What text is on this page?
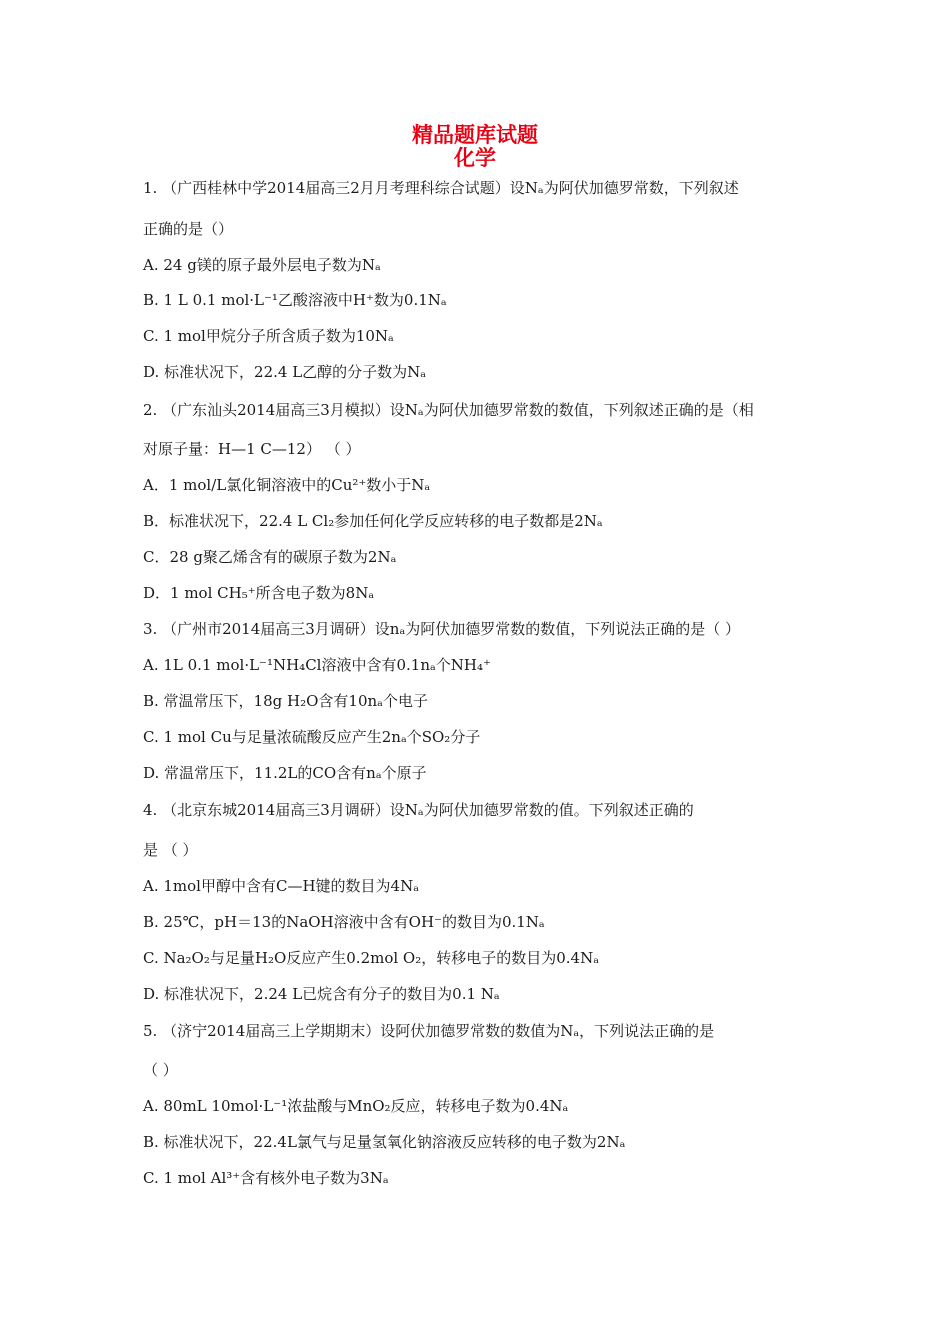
精品题库试题
化学
1. （广西桂林中学2014届高三2月月考理科综合试题）设Nₐ为阿伏加德罗常数，下列叙述
正确的是（）
A. 24 g镁的原子最外层电子数为Nₐ
B. 1 L 0.1 mol·L⁻¹乙酸溶液中H⁺数为0.1Nₐ
C. 1 mol甲烷分子所含质子数为10Nₐ
D. 标准状况下，22.4 L乙醇的分子数为Nₐ
2. （广东汕头2014届高三3月模拟）设Nₐ为阿伏加德罗常数的数值，下列叙述正确的是（相
对原子量：H—1 C—12） （ ）
A．1 mol/L氯化铜溶液中的Cu²⁺数小于Nₐ
B．标准状况下，22.4 L Cl₂参加任何化学反应转移的电子数都是2Nₐ
C．28 g聚乙烯含有的碳原子数为2Nₐ
D．1 mol CH₅⁺所含电子数为8Nₐ
3. （广州市2014届高三3月调研）设nₐ为阿伏加德罗常数的数值，下列说法正确的是（ ）
A. 1L 0.1 mol·L⁻¹NH₄Cl溶液中含有0.1nₐ个NH₄⁺
B. 常温常压下，18g H₂O含有10nₐ个电子
C. 1 mol Cu与足量浓硫酸反应产生2nₐ个SO₂分子
D. 常温常压下，11.2L的CO含有nₐ个原子
4. （北京东城2014届高三3月调研）设Nₐ为阿伏加德罗常数的值。下列叙述正确的
是 （ ）
A. 1mol甲醇中含有C—H键的数目为4Nₐ
B. 25℃，pH＝13的NaOH溶液中含有OH⁻的数目为0.1Nₐ
C. Na₂O₂与足量H₂O反应产生0.2mol O₂，转移电子的数目为0.4Nₐ
D. 标准状况下，2.24 L已烷含有分子的数目为0.1 Nₐ
5. （济宁2014届高三上学期期末）设阿伏加德罗常数的数值为Nₐ，下列说法正确的是
（ ）
A. 80mL 10mol·L⁻¹浓盐酸与MnO₂反应，转移电子数为0.4Nₐ
B. 标准状况下，22.4L氯气与足量氢氧化钠溶液反应转移的电子数为2Nₐ
C. 1 mol Al³⁺含有核外电子数为3Nₐ
